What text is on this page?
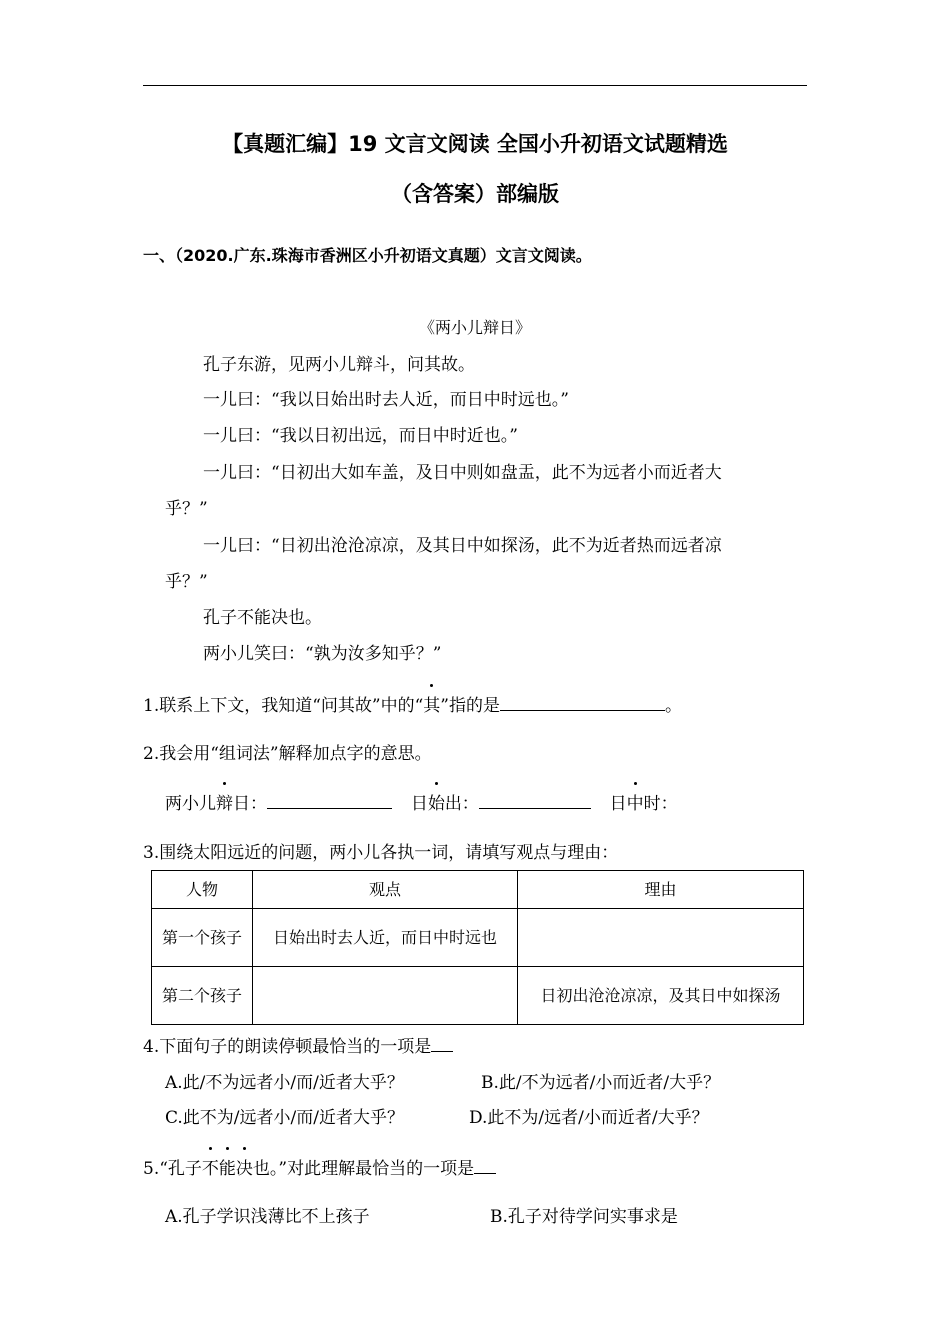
【真题汇编】19 文言文阅读 全国小升初语文试题精选
（含答案）部编版
一、（2020.广东.珠海市香洲区小升初语文真题）文言文阅读。
《两小儿辩日》
孔子东游，见两小儿辩斗，问其故。
一儿曰：“我以日始出时去人近，而日中时远也。”
一儿曰：“我以日初出远，而日中时近也。”
一儿曰：“日初出大如车盖，及日中则如盘盂，此不为远者小而近者大
乎？”
一儿曰：“日初出沧沧凉凉，及其日中如探汤，此不为近者热而远者凉
乎？”
孔子不能决也。
两小儿笑曰：“孰为汝多知乎？”
1.联系上下文，我知道“问其故”中的“其”指的是	。
2.我会用“组词法”解释加点字的意思。
两小儿辩日：	日始出：	日中时：
3.围绕太阳远近的问题，两小儿各执一词，请填写观点与理由：
人物	观点	理由
第一个孩子	日始出时去人近，而日中时远也	
第二个孩子		日初出沧沧凉凉，及其日中如探汤
4.下面句子的朗读停顿最恰当的一项是
A.此/不为远者小/而/近者大乎？	B.此/不为远者/小而近者/大乎？
C.此不为/远者小/而/近者大乎？	D.此不为/远者/小而近者/大乎？
5.“孔子不能决也。”对此理解最恰当的一项是
A.孔子学识浅薄比不上孩子	B.孔子对待学问实事求是
